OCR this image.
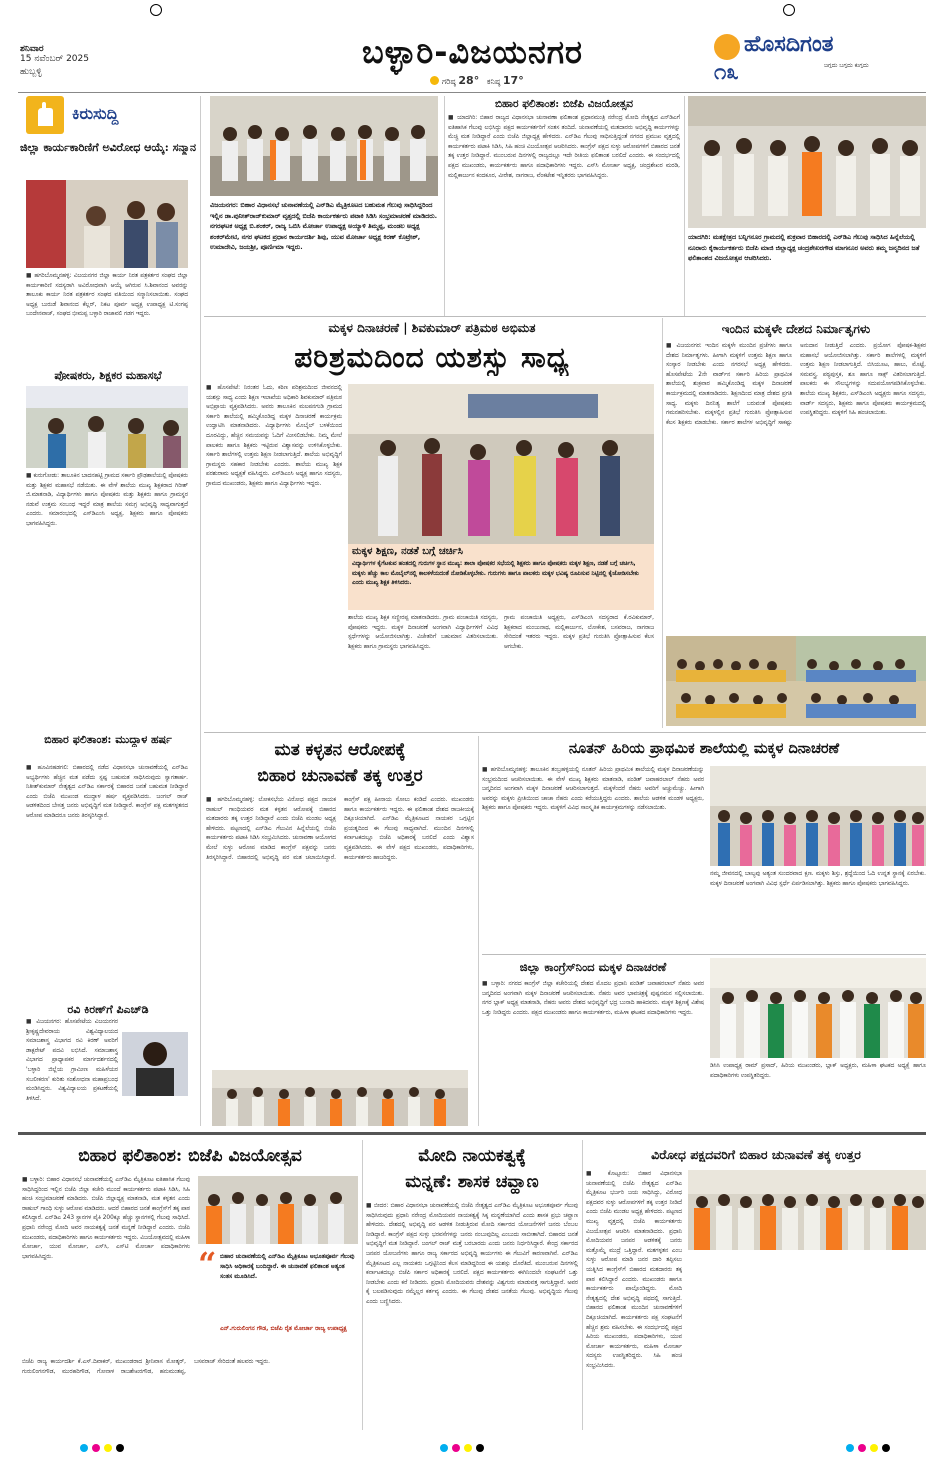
ಶನಿವಾರ
15 ನವೆಂಬರ್ 2025
ಹುಬ್ಬಳ್ಳಿ
ಬಳ್ಳಾರಿ-ವಿಜಯನಗರ
ಗರಿಷ್ಠ 28° ಕನಿಷ್ಠ 17°
ಹೊಸದಿಗಂತ
ಜಗ್ಗದು ಬಗ್ಗದು ಕುಗ್ಗದು
೧೩
ಕಿರುಸುದ್ದಿ
ಜಿಲ್ಲಾ ಕಾರ್ಯಕಾರಿಣಿಗೆ ಅವಿರೋಧ ಆಯ್ಕೆ: ಸನ್ಮಾನ
■ ಹಗರಿಬೊಮ್ಮನಹಳ್ಳಿ: ವಿಜಯನಗರ ಜಿಲ್ಲಾ ಕಾರ್ಯ ನಿರತ ಪತ್ರಕರ್ತರ ಸಂಘದ ಜಿಲ್ಲಾ ಕಾರ್ಯಕಾರಿಣಿ ಸದಸ್ಯರಾಗಿ ಅವಿರೋಧವಾಗಿ ಆಯ್ಕೆ ಆಗಿರುವ ಸಿ.ಶಿವಾನಂದ ಅವರನ್ನು ತಾಲೂಕು ಕಾರ್ಯ ನಿರತ ಪತ್ರಕರ್ತರ ಸಂಘದ ವತಿಯಿಂದ ಸನ್ಮಾನಿಸಲಾಯಿತು. ಸಂಘದ ಅಧ್ಯಕ್ಷ ಬುರುಡೆ ಶಿವಾನಂದ ಕೆಲ್ಲರ್, ನಿಕಟ ಪೂರ್ವ ಅಧ್ಯಕ್ಷ ಉಪಾಧ್ಯಕ್ಷ ಟಿ.ಸಂಗಪ್ಪ ಬಂದೇನವಾಜ್, ಸಂಘದ ಭೀಮಪ್ಪ ಬಳ್ಳಾರಿ ರಾಜಾವಲಿ ಗಡಗ ಇದ್ದರು.
ಪೋಷಕರು, ಶಿಕ್ಷಕರ ಮಹಾಸಭೆ
■ ಕುರುಗೋಡು: ತಾಲೂಕಿನ ಬಾದನಹಟ್ಟಿ ಗ್ರಾಮದ ಸರ್ಕಾರಿ ಪ್ರೌಢಶಾಲೆಯಲ್ಲಿ ಪೋಷಕರು ಮತ್ತು ಶಿಕ್ಷಕರ ಮಹಾಸಭೆ ನಡೆಯಿತು. ಈ ವೇಳೆ ಶಾಲೆಯ ಮುಖ್ಯ ಶಿಕ್ಷಕರಾದ ಗಿರೀಶ್ ಜಿ.ಮಾತನಾಡಿ, ವಿದ್ಯಾರ್ಥಿಗಳು ಹಾಗೂ ಪೋಷಕರು ಮತ್ತು ಶಿಕ್ಷಕರು ಹಾಗೂ ಗ್ರಾಮಸ್ಥರ ನಡುವೆ ಉತ್ತಮ ಸಂಬಂಧ ಇದ್ದರೆ ಮಾತ್ರ ಶಾಲೆಯ ಸಮಗ್ರ ಅಭಿವೃದ್ಧಿ ಸಾಧ್ಯವಾಗುತ್ತದೆ ಎಂದರು. ಸಮಾರಂಭದಲ್ಲಿ ಎಸ್‌ಡಿಎಂಸಿ ಅಧ್ಯಕ್ಷ, ಶಿಕ್ಷಕರು ಹಾಗೂ ಪೋಷಕರು ಭಾಗವಹಿಸಿದ್ದರು.
ಬಿಹಾರ ಫಲಿತಾಂಶ: ಮುದ್ದಾಳ ಹರ್ಷ
■ ಹೂವಿನಹಡಗಲಿ: ಬಿಹಾರದಲ್ಲಿ ನಡೆದ ವಿಧಾನಸಭಾ ಚುನಾವಣೆಯಲ್ಲಿ ಎನ್‌ಡಿಎ ಅಭ್ಯರ್ಥಿಗಳು ಹೆಚ್ಚಿನ ಮತ ಪಡೆದು ಸ್ಪಷ್ಟ ಬಹುಮತ ಸಾಧಿಸಿರುವುದು ಸ್ವಾಗತಾರ್ಹ. ನಿತೀಶ್‌ಕುಮಾರ್ ನೇತೃತ್ವದ ಎನ್‌ಡಿಎ ಸರ್ಕಾರಕ್ಕೆ ಬಿಹಾರದ ಜನತೆ ಬಹುಮತ ನೀಡಿದ್ದಾರೆ ಎಂದು ಬಿಜೆಪಿ ಮುಖಂಡ ಮುದ್ದಾಳ ಹರ್ಷ ವ್ಯಕ್ತಪಡಿಸಿದರು. ಜಂಗಲ್ ರಾಜ್ ಆಡಳಿತದಿಂದ ಬೇಸತ್ತ ಜನರು ಅಭಿವೃದ್ಧಿಗೆ ಮತ ನೀಡಿದ್ದಾರೆ. ಕಾಂಗ್ರೆಸ್ ಪಕ್ಷ ಮತಗಳ್ಳತನದ ಆರೋಪ ಮಾಡಿದರೂ ಜನರು ತಿರಸ್ಕರಿಸಿದ್ದಾರೆ.
ರವಿ ಕಿರಣ್‌ಗೆ ಪಿಎಚ್‌ಡಿ
■ ವಿಜಯನಗರ: ಹೊಸಪೇಟೆಯ ವಿಜಯನಗರ ಶ್ರೀಕೃಷ್ಣದೇವರಾಯ ವಿಶ್ವವಿದ್ಯಾಲಯದ ಸಮಾಜಶಾಸ್ತ್ರ ವಿಭಾಗದ ರವಿ ಕಿರಣ್ ಅವರಿಗೆ ಡಾಕ್ಟರೇಟ್ ಪದವಿ ಲಭಿಸಿದೆ. ಸಮಾಜಶಾಸ್ತ್ರ ವಿಭಾಗದ ಪ್ರಾಧ್ಯಾಪಕರ ಮಾರ್ಗದರ್ಶನದಲ್ಲಿ 'ಬಳ್ಳಾರಿ ಜಿಲ್ಲೆಯ ಗ್ರಾಮೀಣ ಮಹಿಳೆಯರ ಸಬಲೀಕರಣ' ಕುರಿತು ಸಂಶೋಧನಾ ಮಹಾಪ್ರಬಂಧ ಮಂಡಿಸಿದ್ದರು. ವಿಶ್ವವಿದ್ಯಾಲಯ ಪ್ರಕಟಣೆಯಲ್ಲಿ ತಿಳಿಸಿದೆ.
ವಿಜಯನಗರ: ಬಿಹಾರ ವಿಧಾನಸಭೆ ಚುನಾವಣೆಯಲ್ಲಿ ಎನ್‌ಡಿಎ ಮೈತ್ರಿಕೂಟದ ಬಹುಮತ ಗೆಲುವು ಸಾಧಿಸಿದ್ದರಿಂದ ಇಲ್ಲಿನ ಡಾ.ಪುನೀತ್‌ರಾಜ್‌ಕುಮಾರ್ ವೃತ್ತದಲ್ಲಿ ಬಿಜೆಪಿ ಕಾರ್ಯಕರ್ತರು ಪಟಾಕಿ ಸಿಡಿಸಿ ಸಂಭ್ರಮಾಚರಣೆ ಮಾಡಿದರು. ನಗರಘಟಕ ಅಧ್ಯಕ್ಷ ಬಿ.ಶಂಕರ್, ರಾಜ್ಯ ಒಬಿಸಿ ಮೋರ್ಚಾ ಉಪಾಧ್ಯಕ್ಷ ಅಯ್ಯಾಳಿ ತಿಮ್ಮಪ್ಪ, ಮಂಡಲ ಅಧ್ಯಕ್ಷ ಶಂಕರ್‌ಮೇಟಿ, ನಗರ ಘಟಕದ ಪ್ರಧಾನ ಕಾರ್ಯದರ್ಶಿ ಶಿವು, ಯುವ ಮೋರ್ಚಾ ಅಧ್ಯಕ್ಷ ಕಿರಣ್ ಕೊಟ್ರೇಶ್, ಉಮಾದೇವಿ, ಜಯಶ್ರೀ, ಪೂರ್ಣಿಮಾ ಇದ್ದರು.
ಬಿಹಾರ ಫಲಿತಾಂಶ: ಬಿಜೆಪಿ ವಿಜಯೋತ್ಸವ
■ ಯಾದಗಿರಿ: ಬಿಹಾರ ರಾಜ್ಯದ ವಿಧಾನಸಭಾ ಚುನಾವಣಾ ಫಲಿತಾಂಶ ಪ್ರಧಾನಮಂತ್ರಿ ನರೇಂದ್ರ ಮೋದಿ ನೇತೃತ್ವದ ಎನ್‌ಡಿಎಗೆ ಐತಿಹಾಸಿಕ ಗೆಲುವು ಲಭಿಸಿದ್ದು ಪಕ್ಷದ ಕಾರ್ಯಕರ್ತರಿಗೆ ಸಂತಸ ತಂದಿದೆ. ಚುನಾವಣೆಯಲ್ಲಿ ಮತದಾರರು ಅಭಿವೃದ್ಧಿ ಕಾರ್ಯಗಳನ್ನು ಮೆಚ್ಚಿ ಮತ ನೀಡಿದ್ದಾರೆ ಎಂದು ಬಿಜೆಪಿ ಜಿಲ್ಲಾಧ್ಯಕ್ಷ ಹೇಳಿದರು. ಎನ್‌ಡಿಎ ಗೆಲುವು ಸಾಧಿಸುತ್ತಿದ್ದಂತೆ ನಗರದ ಪ್ರಮುಖ ವೃತ್ತದಲ್ಲಿ ಕಾರ್ಯಕರ್ತರು ಪಟಾಕಿ ಸಿಡಿಸಿ, ಸಿಹಿ ಹಂಚಿ ವಿಜಯೋತ್ಸವ ಆಚರಿಸಿದರು. ಕಾಂಗ್ರೆಸ್ ಪಕ್ಷದ ಸುಳ್ಳು ಆರೋಪಗಳಿಗೆ ಬಿಹಾರದ ಜನತೆ ತಕ್ಕ ಉತ್ತರ ನೀಡಿದ್ದಾರೆ. ಮುಂಬರುವ ದಿನಗಳಲ್ಲಿ ರಾಜ್ಯದಲ್ಲೂ ಇದೇ ರೀತಿಯ ಫಲಿತಾಂಶ ಬರಲಿದೆ ಎಂದರು. ಈ ಸಂದರ್ಭದಲ್ಲಿ ಪಕ್ಷದ ಮುಖಂಡರು, ಕಾರ್ಯಕರ್ತರು ಹಾಗೂ ಪದಾಧಿಕಾರಿಗಳು ಇದ್ದರು. ಎಸ್‌ಸಿ ಮೋರ್ಚಾ ಅಧ್ಯಕ್ಷ, ಚಂದ್ರಶೇಖರ ಮರಡಿ, ಮಲ್ಲಿಕಾರ್ಜುನ ಕಂದಕೂರ, ವೀರೇಶ, ನಾಗರಾಜ, ವೆಂಕಟೇಶ ಇನ್ನಿತರರು ಭಾಗವಹಿಸಿದ್ದರು.
ಯಾದಗಿರಿ: ಮತಕ್ಷೇತ್ರದ ಬನ್ನಿಗನೂರ ಗ್ರಾಮದಲ್ಲಿ ಶುಕ್ರವಾರ ಬಿಹಾರದಲ್ಲಿ ಎನ್‌ಡಿಎ ಗೆಲುವು ಸಾಧಿಸಿದ ಹಿನ್ನೆಲೆಯಲ್ಲಿ ನೂರಾರು ಕೈಕಾರ್ಯಕರ್ತರು ಬಿಜೆಪಿ ಮಾಜಿ ಜಿಲ್ಲಾಧ್ಯಕ್ಷ ಚಂದ್ರಶೇಖರಗೌಡ ಮಾಗನೂರ ಅವರು ತಮ್ಮ ಜನ್ಮದಿನದ ಜತೆ ಫಲಿತಾಂಶದ ವಿಜಯೋತ್ಸವ ಆಚರಿಸಿದರು.
ಮಕ್ಕಳ ದಿನಾಚರಣೆ | ಶಿವಕುಮಾರ್ ಪತ್ರಿಮಠ ಅಭಿಮತ
ಪರಿಶ್ರಮದಿಂದ ಯಶಸ್ಸು ಸಾಧ್ಯ
■ ಹೊಸಪೇಟೆ: ನಿರಂತರ ಓದು, ಕಠಿಣ ಪರಿಶ್ರಮದಿಂದ ಜೀವನದಲ್ಲಿ ಯಶಸ್ಸು ಸಾಧ್ಯ ಎಂದು ಶಿಕ್ಷಣ ಇಲಾಖೆಯ ಅಧಿಕಾರಿ ಶಿವಕುಮಾರ್ ಪತ್ರಿಮಠ ಅಭಿಪ್ರಾಯ ವ್ಯಕ್ತಪಡಿಸಿದರು. ಅವರು ತಾಲೂಕಿನ ಮಲಪನಗುಡಿ ಗ್ರಾಮದ ಸರ್ಕಾರಿ ಶಾಲೆಯಲ್ಲಿ ಹಮ್ಮಿಕೊಂಡಿದ್ದ ಮಕ್ಕಳ ದಿನಾಚರಣೆ ಕಾರ್ಯಕ್ರಮ ಉದ್ಘಾಟಿಸಿ ಮಾತನಾಡಿದರು. ವಿದ್ಯಾರ್ಥಿಗಳು ಮೊಬೈಲ್ ಬಳಕೆಯಿಂದ ದೂರವಿದ್ದು, ಹೆಚ್ಚಿನ ಸಮಯವನ್ನು ಓದಿಗೆ ಮೀಸಲಿಡಬೇಕು. ನಿಮ್ಮ ಮೇಲೆ ಪಾಲಕರು ಹಾಗೂ ಶಿಕ್ಷಕರು ಇಟ್ಟಿರುವ ವಿಶ್ವಾಸವನ್ನು ಉಳಿಸಿಕೊಳ್ಳಬೇಕು. ಸರ್ಕಾರಿ ಶಾಲೆಗಳಲ್ಲಿ ಉತ್ತಮ ಶಿಕ್ಷಣ ನೀಡಲಾಗುತ್ತಿದೆ. ಶಾಲೆಯ ಅಭಿವೃದ್ಧಿಗೆ ಗ್ರಾಮಸ್ಥರು ಸಹಕಾರ ನೀಡಬೇಕು ಎಂದರು. ಶಾಲೆಯ ಮುಖ್ಯ ಶಿಕ್ಷಕ ಪರಶುರಾಮ ಅಧ್ಯಕ್ಷತೆ ವಹಿಸಿದ್ದರು. ಎಸ್‌ಡಿಎಂಸಿ ಅಧ್ಯಕ್ಷ ಹಾಗೂ ಸದಸ್ಯರು, ಗ್ರಾಮದ ಮುಖಂಡರು, ಶಿಕ್ಷಕರು ಹಾಗೂ ವಿದ್ಯಾರ್ಥಿಗಳು ಇದ್ದರು.
ಮಕ್ಕಳ ಶಿಕ್ಷಣ, ನಡತೆ ಬಗ್ಗೆ ಚರ್ಚಿಸಿ
ವಿದ್ಯಾರ್ಥಿಗಳ ಕೈಗೆಟಕುವ ಹಂತದಲ್ಲಿ ಗುರುಗಳ ಸ್ಥಾನ ಮುಖ್ಯ: ಶಾಲಾ ಪೋಷಕರ ಸಭೆಯಲ್ಲಿ ಶಿಕ್ಷಕರು ಹಾಗೂ ಪೋಷಕರು ಮಕ್ಕಳ ಶಿಕ್ಷಣ, ನಡತೆ ಬಗ್ಗೆ ಚರ್ಚಿಸಿ, ಮಕ್ಕಳು ಹೆಚ್ಚು ಕಾಲ ಮೊಬೈಲ್‌ನಲ್ಲಿ ಕಾಲಕಳೆಯದಂತೆ ನೋಡಿಕೊಳ್ಳಬೇಕು. ಗುರುಗಳು ಹಾಗೂ ಪಾಲಕರು ಮಕ್ಕಳ ಭವಿಷ್ಯ ರೂಪಿಸುವ ನಿಟ್ಟಿನಲ್ಲಿ ಕೈಜೋಡಿಸಬೇಕು ಎಂದು ಮುಖ್ಯ ಶಿಕ್ಷಕ ತಿಳಿಸಿದರು.
ಶಾಲೆಯ ಮುಖ್ಯ ಶಿಕ್ಷಕ ಸಣ್ಣೀರಪ್ಪ ಮಾತನಾಡಿದರು. ಗ್ರಾಮ ಪಂಚಾಯಿತಿ ಸದಸ್ಯರು, ಪೋಷಕರು ಇದ್ದರು. ಮಕ್ಕಳ ದಿನಾಚರಣೆ ಅಂಗವಾಗಿ ವಿದ್ಯಾರ್ಥಿಗಳಿಗೆ ವಿವಿಧ ಸ್ಪರ್ಧೆಗಳನ್ನು ಆಯೋಜಿಸಲಾಗಿತ್ತು. ವಿಜೇತರಿಗೆ ಬಹುಮಾನ ವಿತರಿಸಲಾಯಿತು. ಶಿಕ್ಷಕರು ಹಾಗೂ ಗ್ರಾಮಸ್ಥರು ಭಾಗವಹಿಸಿದ್ದರು.
ಗ್ರಾಮ ಪಂಚಾಯಿತಿ ಅಧ್ಯಕ್ಷರು, ಎಸ್‌ಡಿಎಂಸಿ ಸದಸ್ಯರಾದ ಕೆ.ರವಿಕುಮಾರ್, ಶಿಕ್ಷಕರಾದ ಮಂಜುನಾಥ, ಮಲ್ಲಿಕಾರ್ಜುನ, ಲೋಕೇಶ, ಬಸವರಾಜ, ನಾಗರಾಜ ಸೇರಿದಂತೆ ಇತರರು ಇದ್ದರು. ಮಕ್ಕಳ ಪ್ರತಿಭೆ ಗುರುತಿಸಿ ಪ್ರೋತ್ಸಾಹಿಸುವ ಕೆಲಸ ಆಗಬೇಕು.
ಇಂದಿನ ಮಕ್ಕಳೇ ದೇಶದ ನಿರ್ಮಾತೃಗಳು
■ ವಿಜಯನಗರ: ಇಂದಿನ ಮಕ್ಕಳೇ ಮುಂದಿನ ಪ್ರಜೆಗಳು ಹಾಗೂ ದೇಶದ ನಿರ್ಮಾತೃಗಳು. ಹೀಗಾಗಿ ಮಕ್ಕಳಿಗೆ ಉತ್ತಮ ಶಿಕ್ಷಣ ಹಾಗೂ ಸಂಸ್ಕಾರ ನೀಡಬೇಕು ಎಂದು ನಗರಸಭೆ ಅಧ್ಯಕ್ಷ ಹೇಳಿದರು. ಹೊಸಪೇಟೆಯ 2ನೇ ವಾರ್ಡ್‌ನ ಸರ್ಕಾರಿ ಹಿರಿಯ ಪ್ರಾಥಮಿಕ ಶಾಲೆಯಲ್ಲಿ ಶುಕ್ರವಾರ ಹಮ್ಮಿಕೊಂಡಿದ್ದ ಮಕ್ಕಳ ದಿನಾಚರಣೆ ಕಾರ್ಯಕ್ರಮದಲ್ಲಿ ಮಾತನಾಡಿದರು. ಶಿಕ್ಷಣದಿಂದ ಮಾತ್ರ ದೇಶದ ಪ್ರಗತಿ ಸಾಧ್ಯ. ಮಕ್ಕಳು ದಿನನಿತ್ಯ ಶಾಲೆಗೆ ಬರುವಂತೆ ಪೋಷಕರು ಗಮನಹರಿಸಬೇಕು. ಮಕ್ಕಳಲ್ಲಿನ ಪ್ರತಿಭೆ ಗುರುತಿಸಿ ಪ್ರೋತ್ಸಾಹಿಸುವ ಕೆಲಸ ಶಿಕ್ಷಕರು ಮಾಡಬೇಕು. ಸರ್ಕಾರ ಶಾಲೆಗಳ ಅಭಿವೃದ್ಧಿಗೆ ಸಾಕಷ್ಟು ಅನುದಾನ ನೀಡುತ್ತಿದೆ ಎಂದರು. ಪ್ರಯೋಗ ಪೋಷಕ-ಶಿಕ್ಷಕರ ಮಹಾಸಭೆ ಆಯೋಜಿಸಲಾಗಿತ್ತು. ಸರ್ಕಾರಿ ಶಾಲೆಗಳಲ್ಲಿ ಮಕ್ಕಳಿಗೆ ಉತ್ತಮ ಶಿಕ್ಷಣ ನೀಡಲಾಗುತ್ತಿದೆ. ಬಿಸಿಯೂಟ, ಹಾಲು, ಮೊಟ್ಟೆ, ಸಮವಸ್ತ್ರ, ಪಠ್ಯಪುಸ್ತಕ, ಶೂ ಹಾಗೂ ಸಾಕ್ಸ್ ವಿತರಿಸಲಾಗುತ್ತಿದೆ. ಪಾಲಕರು ಈ ಸೌಲಭ್ಯಗಳನ್ನು ಸದುಪಯೋಗಪಡಿಸಿಕೊಳ್ಳಬೇಕು. ಶಾಲೆಯ ಮುಖ್ಯ ಶಿಕ್ಷಕರು, ಎಸ್‌ಡಿಎಂಸಿ ಅಧ್ಯಕ್ಷರು ಹಾಗೂ ಸದಸ್ಯರು, ವಾರ್ಡ್ ಸದಸ್ಯರು, ಶಿಕ್ಷಕರು ಹಾಗೂ ಪೋಷಕರು ಕಾರ್ಯಕ್ರಮದಲ್ಲಿ ಉಪಸ್ಥಿತರಿದ್ದರು. ಮಕ್ಕಳಿಗೆ ಸಿಹಿ ಹಂಚಲಾಯಿತು.
ಮತ ಕಳ್ಳತನ ಆರೋಪಕ್ಕೆ
ಬಿಹಾರ ಚುನಾವಣೆ ತಕ್ಕ ಉತ್ತರ
■ ಹಗರಿಬೊಮ್ಮನಹಳ್ಳಿ: ಲೋಕಸಭೆಯ ವಿರೋಧ ಪಕ್ಷದ ನಾಯಕ ರಾಹುಲ್ ಗಾಂಧಿಯವರ ಮತ ಕಳ್ಳತನ ಆರೋಪಕ್ಕೆ ಬಿಹಾರದ ಮತದಾರರು ತಕ್ಕ ಉತ್ತರ ನೀಡಿದ್ದಾರೆ ಎಂದು ಬಿಜೆಪಿ ಮಂಡಲ ಅಧ್ಯಕ್ಷ ಹೇಳಿದರು. ಪಟ್ಟಣದಲ್ಲಿ ಎನ್‌ಡಿಎ ಗೆಲುವಿನ ಹಿನ್ನೆಲೆಯಲ್ಲಿ ಬಿಜೆಪಿ ಕಾರ್ಯಕರ್ತರು ಪಟಾಕಿ ಸಿಡಿಸಿ ಸಂಭ್ರಮಿಸಿದರು. ಚುನಾವಣಾ ಆಯೋಗದ ಮೇಲೆ ಸುಳ್ಳು ಆರೋಪ ಮಾಡಿದ ಕಾಂಗ್ರೆಸ್ ಪಕ್ಷವನ್ನು ಜನರು ತಿರಸ್ಕರಿಸಿದ್ದಾರೆ. ಬಿಹಾರದಲ್ಲಿ ಅಭಿವೃದ್ಧಿ ಪರ ಮತ ಚಲಾಯಿಸಿದ್ದಾರೆ. ಕಾಂಗ್ರೆಸ್ ಪಕ್ಷ ಹೀನಾಯ ಸೋಲು ಕಂಡಿದೆ ಎಂದರು. ಮುಖಂಡರು ಹಾಗೂ ಕಾರ್ಯಕರ್ತರು ಇದ್ದರು. ಈ ಫಲಿತಾಂಶ ದೇಶದ ರಾಜಕೀಯಕ್ಕೆ ದಿಕ್ಸೂಚಿಯಾಗಿದೆ. ಎನ್‌ಡಿಎ ಮೈತ್ರಿಕೂಟದ ನಾಯಕರ ಒಗ್ಗಟ್ಟಿನ ಪ್ರಯತ್ನದಿಂದ ಈ ಗೆಲುವು ಸಾಧ್ಯವಾಗಿದೆ. ಮುಂದಿನ ದಿನಗಳಲ್ಲಿ ಕರ್ನಾಟಕದಲ್ಲೂ ಬಿಜೆಪಿ ಅಧಿಕಾರಕ್ಕೆ ಬರಲಿದೆ ಎಂದು ವಿಶ್ವಾಸ ವ್ಯಕ್ತಪಡಿಸಿದರು. ಈ ವೇಳೆ ಪಕ್ಷದ ಮುಖಂಡರು, ಪದಾಧಿಕಾರಿಗಳು, ಕಾರ್ಯಕರ್ತರು ಹಾಜರಿದ್ದರು.
ನೂತನ್ ಹಿರಿಯ ಪ್ರಾಥಮಿಕ ಶಾಲೆಯಲ್ಲಿ ಮಕ್ಕಳ ದಿನಾಚರಣೆ
■ ಹಗರಿಬೊಮ್ಮನಹಳ್ಳಿ: ತಾಲೂಕಿನ ತಂಬ್ರಹಳ್ಳಿಯಲ್ಲಿ ನೂತನ್ ಹಿರಿಯ ಪ್ರಾಥಮಿಕ ಶಾಲೆಯಲ್ಲಿ ಮಕ್ಕಳ ದಿನಾಚರಣೆಯನ್ನು ಸಂಭ್ರಮದಿಂದ ಆಚರಿಸಲಾಯಿತು. ಈ ವೇಳೆ ಮುಖ್ಯ ಶಿಕ್ಷಕರು ಮಾತನಾಡಿ, ಪಂಡಿತ್ ಜವಾಹರಲಾಲ್ ನೆಹರು ಅವರ ಜನ್ಮದಿನದ ಅಂಗವಾಗಿ ಮಕ್ಕಳ ದಿನಾಚರಣೆ ಆಚರಿಸಲಾಗುತ್ತದೆ. ಮಕ್ಕಳೆಂದರೆ ನೆಹರು ಅವರಿಗೆ ಅಚ್ಚುಮೆಚ್ಚು. ಹೀಗಾಗಿ ಅವರನ್ನು ಮಕ್ಕಳು ಪ್ರೀತಿಯಿಂದ ಚಾಚಾ ನೆಹರು ಎಂದು ಕರೆಯುತ್ತಿದ್ದರು ಎಂದರು. ಶಾಲೆಯ ಆಡಳಿತ ಮಂಡಳಿ ಅಧ್ಯಕ್ಷರು, ಶಿಕ್ಷಕರು ಹಾಗೂ ಪೋಷಕರು ಇದ್ದರು. ಮಕ್ಕಳಿಗೆ ವಿವಿಧ ಸಾಂಸ್ಕೃತಿಕ ಕಾರ್ಯಕ್ರಮಗಳನ್ನು ನಡೆಸಲಾಯಿತು.
ನಮ್ಮ ಜೀವನದಲ್ಲಿ ಬಾಲ್ಯವು ಅತ್ಯಂತ ಸುಂದರವಾದ ಕ್ಷಣ. ಮಕ್ಕಳು ಶಿಸ್ತು, ಶ್ರದ್ಧೆಯಿಂದ ಓದಿ ಉನ್ನತ ಸ್ಥಾನಕ್ಕೆ ಏರಬೇಕು. ಮಕ್ಕಳ ದಿನಾಚರಣೆ ಅಂಗವಾಗಿ ವಿವಿಧ ಸ್ಪರ್ಧೆ ಏರ್ಪಡಿಸಲಾಗಿತ್ತು. ಶಿಕ್ಷಕರು ಹಾಗೂ ಪೋಷಕರು ಭಾಗವಹಿಸಿದ್ದರು.
ಜಿಲ್ಲಾ ಕಾಂಗ್ರೆಸ್‌ನಿಂದ ಮಕ್ಕಳ ದಿನಾಚರಣೆ
■ ಬಳ್ಳಾರಿ: ನಗರದ ಕಾಂಗ್ರೆಸ್ ಜಿಲ್ಲಾ ಕಚೇರಿಯಲ್ಲಿ ದೇಶದ ಮೊದಲ ಪ್ರಧಾನಿ ಪಂಡಿತ್ ಜವಾಹರಲಾಲ್ ನೆಹರು ಅವರ ಜನ್ಮದಿನದ ಅಂಗವಾಗಿ ಮಕ್ಕಳ ದಿನಾಚರಣೆ ಆಚರಿಸಲಾಯಿತು. ನೆಹರು ಅವರ ಭಾವಚಿತ್ರಕ್ಕೆ ಪುಷ್ಪನಮನ ಸಲ್ಲಿಸಲಾಯಿತು. ನಗರ ಬ್ಲಾಕ್ ಅಧ್ಯಕ್ಷ ಮಾತನಾಡಿ, ನೆಹರು ಅವರು ದೇಶದ ಅಭಿವೃದ್ಧಿಗೆ ಭದ್ರ ಬುನಾದಿ ಹಾಕಿದವರು. ಮಕ್ಕಳ ಶಿಕ್ಷಣಕ್ಕೆ ವಿಶೇಷ ಒತ್ತು ನೀಡಿದ್ದರು ಎಂದರು. ಪಕ್ಷದ ಮುಖಂಡರು ಹಾಗೂ ಕಾರ್ಯಕರ್ತರು, ಮಹಿಳಾ ಘಟಕದ ಪದಾಧಿಕಾರಿಗಳು ಇದ್ದರು.
ಡಿಸಿಸಿ ಉಪಾಧ್ಯಕ್ಷ ರಾಮ್ ಪ್ರಸಾದ್, ಹಿರಿಯ ಮುಖಂಡರು, ಬ್ಲಾಕ್ ಅಧ್ಯಕ್ಷರು, ಮಹಿಳಾ ಘಟಕದ ಅಧ್ಯಕ್ಷೆ ಹಾಗೂ ಪದಾಧಿಕಾರಿಗಳು ಉಪಸ್ಥಿತರಿದ್ದರು.
ಬಿಹಾರ ಫಲಿತಾಂಶ: ಬಿಜೆಪಿ ವಿಜಯೋತ್ಸವ
■ ಬಳ್ಳಾರಿ: ಬಿಹಾರ ವಿಧಾನಸಭೆ ಚುನಾವಣೆಯಲ್ಲಿ ಎನ್‌ಡಿಎ ಮೈತ್ರಿಕೂಟ ಐತಿಹಾಸಿಕ ಗೆಲುವು ಸಾಧಿಸಿದ್ದರಿಂದ ಇಲ್ಲಿನ ಬಿಜೆಪಿ ಜಿಲ್ಲಾ ಕಚೇರಿ ಮುಂದೆ ಕಾರ್ಯಕರ್ತರು ಪಟಾಕಿ ಸಿಡಿಸಿ, ಸಿಹಿ ಹಂಚಿ ಸಂಭ್ರಮಾಚರಣೆ ಮಾಡಿದರು. ಬಿಜೆಪಿ ಜಿಲ್ಲಾಧ್ಯಕ್ಷ ಮಾತನಾಡಿ, ಮತ ಕಳ್ಳತನ ಎಂದು ರಾಹುಲ್ ಗಾಂಧಿ ಸುಳ್ಳು ಆರೋಪ ಮಾಡಿದರು. ಆದರೆ ಬಿಹಾರದ ಜನತೆ ಕಾಂಗ್ರೆಸ್‌ಗೆ ತಕ್ಕ ಪಾಠ ಕಲಿಸಿದ್ದಾರೆ. ಎನ್‌ಡಿಎ 243 ಸ್ಥಾನಗಳ ಪೈಕಿ 200ಕ್ಕೂ ಹೆಚ್ಚು ಸ್ಥಾನಗಳಲ್ಲಿ ಗೆಲುವು ಸಾಧಿಸಿದೆ. ಪ್ರಧಾನಿ ನರೇಂದ್ರ ಮೋದಿ ಅವರ ನಾಯಕತ್ವಕ್ಕೆ ಜನತೆ ಮನ್ನಣೆ ನೀಡಿದ್ದಾರೆ ಎಂದರು. ಬಿಜೆಪಿ ಮುಖಂಡರು, ಪದಾಧಿಕಾರಿಗಳು ಹಾಗೂ ಕಾರ್ಯಕರ್ತರು ಇದ್ದರು. ವಿಜಯೋತ್ಸವದಲ್ಲಿ ಮಹಿಳಾ ಮೋರ್ಚಾ, ಯುವ ಮೋರ್ಚಾ, ಎಸ್‌ಸಿ, ಎಸ್‌ಟಿ ಮೋರ್ಚಾ ಪದಾಧಿಕಾರಿಗಳು ಭಾಗವಹಿಸಿದ್ದರು.	“ ಬಿಹಾರ ಚುನಾವಣೆಯಲ್ಲಿ ಎನ್‌ಡಿಎ ಮೈತ್ರಿಕೂಟ ಅಭೂತಪೂರ್ವ ಗೆಲುವು ಸಾಧಿಸಿ ಅಧಿಕಾರಕ್ಕೆ ಬಂದಿದ್ದಾರೆ. ಈ ಚುನಾವಣೆ ಫಲಿತಾಂಶ ಅತ್ಯಂತ ಸಂತಸ ಮೂಡಿಸಿದೆ.
ಎನ್.ಗುರುಲಿಂಗನ ಗೌಡ, ಬಿಜೆಪಿ ರೈತ ಮೋರ್ಚಾ ರಾಜ್ಯ ಉಪಾಧ್ಯಕ್ಷ
ಬಿಜೆಪಿ ರಾಜ್ಯ ಕಾರ್ಯದರ್ಶಿ ಕೆ.ಎಸ್.ದಿವಾಕರ್, ಮುಖಂಡರಾದ ಶ್ರೀನಿವಾಸ ಮೋತ್ಕರ್, ಗುರುಲಿಂಗನಗೌಡ, ಮುರಹರಿಗೌಡ, ಗೋನಾಳ ರಾಜಶೇಖರಗೌಡ, ಹನುಮಂತಪ್ಪ, ಬಸವರಾಜ್ ಸೇರಿದಂತೆ ಹಲವರು ಇದ್ದರು.
ಮೋದಿ ನಾಯಕತ್ವಕ್ಕೆ
ಮನ್ನಣೆ: ಶಾಸಕ ಚವ್ಹಾಣ
■ ಬೀದರ: ಬಿಹಾರ ವಿಧಾನಸಭಾ ಚುನಾವಣೆಯಲ್ಲಿ ಬಿಜೆಪಿ ನೇತೃತ್ವದ ಎನ್‌ಡಿಎ ಮೈತ್ರಿಕೂಟ ಅಭೂತಪೂರ್ವ ಗೆಲುವು ಸಾಧಿಸಿರುವುದು ಪ್ರಧಾನಿ ನರೇಂದ್ರ ಮೋದಿಯವರ ನಾಯಕತ್ವಕ್ಕೆ ಸಿಕ್ಕ ಮನ್ನಣೆಯಾಗಿದೆ ಎಂದು ಶಾಸಕ ಪ್ರಭು ಚವ್ಹಾಣ ಹೇಳಿದರು. ದೇಶದಲ್ಲಿ ಅಭಿವೃದ್ಧಿ ಪರ ಆಡಳಿತ ನೀಡುತ್ತಿರುವ ಮೋದಿ ಸರ್ಕಾರದ ಯೋಜನೆಗಳಿಗೆ ಜನರು ಬೆಂಬಲ ನೀಡಿದ್ದಾರೆ. ಕಾಂಗ್ರೆಸ್ ಪಕ್ಷದ ಸುಳ್ಳು ಭರವಸೆಗಳನ್ನು ಜನರು ನಂಬುವುದಿಲ್ಲ ಎಂಬುದು ಸಾಬೀತಾಗಿದೆ. ಬಿಹಾರದ ಜನತೆ ಅಭಿವೃದ್ಧಿಗೆ ಮತ ನೀಡಿದ್ದಾರೆ. ಜಂಗಲ್ ರಾಜ್ ಮತ್ತೆ ಬರಬಾರದು ಎಂದು ಜನರು ನಿರ್ಧರಿಸಿದ್ದಾರೆ. ಕೇಂದ್ರ ಸರ್ಕಾರದ ಜನಪರ ಯೋಜನೆಗಳು ಹಾಗೂ ರಾಜ್ಯ ಸರ್ಕಾರದ ಅಭಿವೃದ್ಧಿ ಕಾರ್ಯಗಳು ಈ ಗೆಲುವಿಗೆ ಕಾರಣವಾಗಿವೆ. ಎನ್‌ಡಿಎ ಮೈತ್ರಿಕೂಟದ ಎಲ್ಲ ನಾಯಕರು ಒಗ್ಗಟ್ಟಿನಿಂದ ಕೆಲಸ ಮಾಡಿದ್ದರಿಂದ ಈ ಯಶಸ್ಸು ದೊರೆತಿದೆ. ಮುಂಬರುವ ದಿನಗಳಲ್ಲಿ ಕರ್ನಾಟಕದಲ್ಲೂ ಬಿಜೆಪಿ ಸರ್ಕಾರ ಅಧಿಕಾರಕ್ಕೆ ಬರಲಿದೆ. ಪಕ್ಷದ ಕಾರ್ಯಕರ್ತರು ಈಗಿನಿಂದಲೇ ಸಂಘಟನೆಗೆ ಒತ್ತು ನೀಡಬೇಕು ಎಂದು ಕರೆ ನೀಡಿದರು. ಪ್ರಧಾನಿ ಮೋದಿಯವರು ದೇಶವನ್ನು ವಿಶ್ವಗುರು ಮಾಡುವತ್ತ ಸಾಗುತ್ತಿದ್ದಾರೆ. ಅವರ ಕೈ ಬಲಪಡಿಸುವುದು ನಮ್ಮೆಲ್ಲರ ಕರ್ತವ್ಯ ಎಂದರು. ಈ ಗೆಲುವು ದೇಶದ ಜನತೆಯ ಗೆಲುವು. ಅಭಿವೃದ್ಧಿಯ ಗೆಲುವು ಎಂದು ಬಣ್ಣಿಸಿದರು.
ವಿರೋಧ ಪಕ್ಷದವರಿಗೆ ಬಿಹಾರ ಚುನಾವಣೆ ತಕ್ಕ ಉತ್ತರ
■ ಕೊಟ್ಟೂರು: ಬಿಹಾರ ವಿಧಾನಸಭಾ ಚುನಾವಣೆಯಲ್ಲಿ ಬಿಜೆಪಿ ನೇತೃತ್ವದ ಎನ್‌ಡಿಎ ಮೈತ್ರಿಕೂಟ ಭರ್ಜರಿ ಜಯ ಸಾಧಿಸಿದ್ದು, ವಿರೋಧ ಪಕ್ಷದವರ ಸುಳ್ಳು ಆರೋಪಗಳಿಗೆ ತಕ್ಕ ಉತ್ತರ ನೀಡಿದೆ ಎಂದು ಬಿಜೆಪಿ ಮಂಡಲ ಅಧ್ಯಕ್ಷ ಹೇಳಿದರು. ಪಟ್ಟಣದ ಮುಖ್ಯ ವೃತ್ತದಲ್ಲಿ ಬಿಜೆಪಿ ಕಾರ್ಯಕರ್ತರು ವಿಜಯೋತ್ಸವ ಆಚರಿಸಿ ಮಾತನಾಡಿದರು. ಪ್ರಧಾನಿ ಮೋದಿಯವರ ಜನಪರ ಆಡಳಿತಕ್ಕೆ ಜನರು ಮತ್ತೊಮ್ಮೆ ಮುದ್ರೆ ಒತ್ತಿದ್ದಾರೆ. ಮತಗಳ್ಳತನ ಎಂಬ ಸುಳ್ಳು ಆರೋಪ ಮಾಡಿ ಜನರ ದಾರಿ ತಪ್ಪಿಸಲು ಯತ್ನಿಸಿದ ಕಾಂಗ್ರೆಸ್‌ಗೆ ಬಿಹಾರದ ಮತದಾರರು ತಕ್ಕ ಪಾಠ ಕಲಿಸಿದ್ದಾರೆ ಎಂದರು. ಮುಖಂಡರು ಹಾಗೂ ಕಾರ್ಯಕರ್ತರು ಪಾಲ್ಗೊಂಡಿದ್ದರು. ಮೋದಿ ನೇತೃತ್ವದಲ್ಲಿ ದೇಶ ಅಭಿವೃದ್ಧಿ ಪಥದಲ್ಲಿ ಸಾಗುತ್ತಿದೆ. ಬಿಹಾರದ ಫಲಿತಾಂಶ ಮುಂದಿನ ಚುನಾವಣೆಗಳಿಗೆ ದಿಕ್ಸೂಚಿಯಾಗಿದೆ. ಕಾರ್ಯಕರ್ತರು ಪಕ್ಷ ಸಂಘಟನೆಗೆ ಹೆಚ್ಚಿನ ಶ್ರಮ ವಹಿಸಬೇಕು. ಈ ಸಂದರ್ಭದಲ್ಲಿ ಪಕ್ಷದ ಹಿರಿಯ ಮುಖಂಡರು, ಪದಾಧಿಕಾರಿಗಳು, ಯುವ ಮೋರ್ಚಾ ಕಾರ್ಯಕರ್ತರು, ಮಹಿಳಾ ಮೋರ್ಚಾ ಸದಸ್ಯರು ಉಪಸ್ಥಿತರಿದ್ದರು. ಸಿಹಿ ಹಂಚಿ ಸಂಭ್ರಮಿಸಿದರು.
